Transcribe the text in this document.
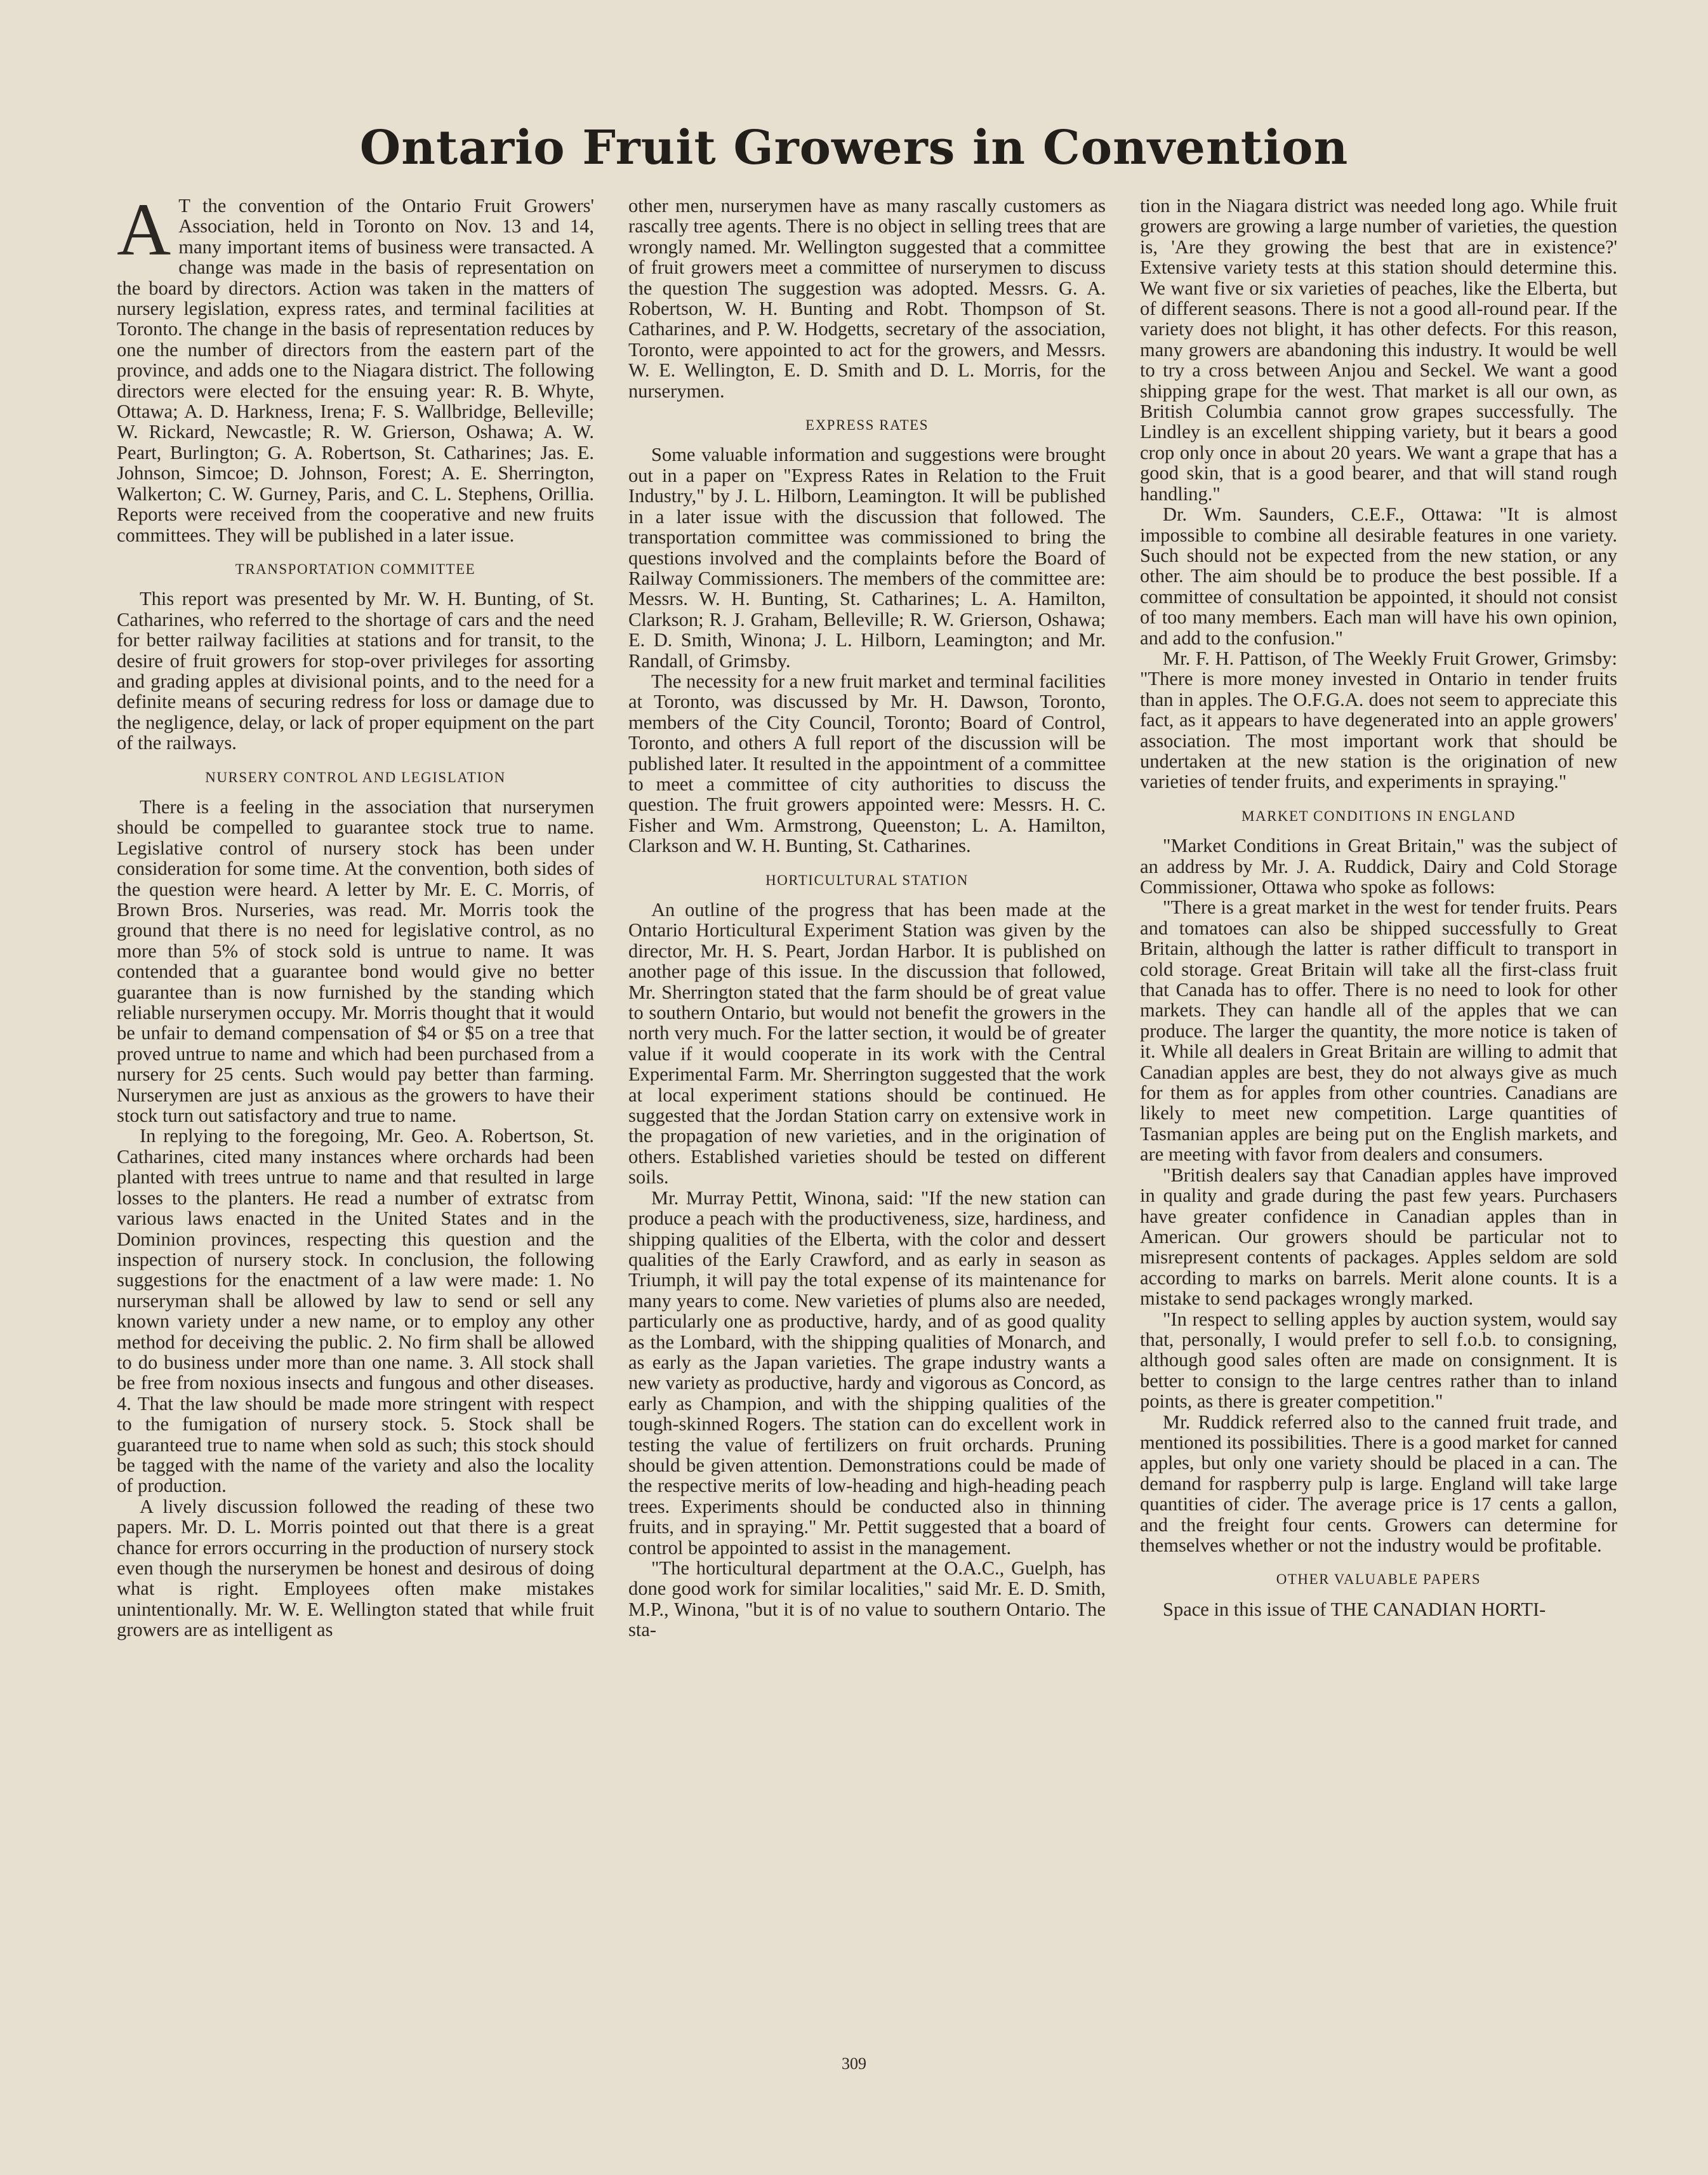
Ontario Fruit Growers in Convention

A T the convention of the Ontario Fruit Growers' Association, held in Toronto on Nov. 13 and 14, many important items of business were transacted. A change was made in the basis of representation on the board by directors. Action was taken in the matters of nursery legislation, express rates, and terminal facilities at Toronto. The change in the basis of representation reduces by one the number of directors from the eastern part of the province, and adds one to the Niagara district. The following directors were elected for the ensuing year: R. B. Whyte, Ottawa; A. D. Harkness, Irena; F. S. Wallbridge, Belleville; W. Rickard, Newcastle; R. W. Grierson, Oshawa; A. W. Peart, Burlington; G. A. Robertson, St. Catharines; Jas. E. Johnson, Simcoe; D. Johnson, Forest; A. E. Sherrington, Walkerton; C. W. Gurney, Paris, and C. L. Stephens, Orillia. Reports were received from the cooperative and new fruits committees. They will be published in a later issue.

TRANSPORTATION COMMITTEE

This report was presented by Mr. W. H. Bunting, of St. Catharines, who referred to the shortage of cars and the need for better railway facilities at stations and for transit, to the desire of fruit growers for stop-over privileges for assorting and grading apples at divisional points, and to the need for a definite means of securing redress for loss or damage due to the negligence, delay, or lack of proper equipment on the part of the railways.

NURSERY CONTROL AND LEGISLATION

There is a feeling in the association that nurserymen should be compelled to guarantee stock true to name. Legislative control of nursery stock has been under consideration for some time. At the convention, both sides of the question were heard. A letter by Mr. E. C. Morris, of Brown Bros. Nurseries, was read. Mr. Morris took the ground that there is no need for legislative control, as no more than 5% of stock sold is untrue to name. It was contended that a guarantee bond would give no better guarantee than is now furnished by the standing which reliable nurserymen occupy. Mr. Morris thought that it would be unfair to demand compensation of $4 or $5 on a tree that proved untrue to name and which had been purchased from a nursery for 25 cents. Such would pay better than farming. Nurserymen are just as anxious as the growers to have their stock turn out satisfactory and true to name.

In replying to the foregoing, Mr. Geo. A. Robertson, St. Catharines, cited many instances where orchards had been planted with trees untrue to name and that resulted in large losses to the planters. He read a number of extratsc from various laws enacted in the United States and in the Dominion provinces, respecting this question and the inspection of nursery stock. In conclusion, the following suggestions for the enactment of a law were made: 1. No nurseryman shall be allowed by law to send or sell any known variety under a new name, or to employ any other method for deceiving the public. 2. No firm shall be allowed to do business under more than one name. 3. All stock shall be free from noxious insects and fungous and other diseases. 4. That the law should be made more stringent with respect to the fumigation of nursery stock. 5. Stock shall be guaranteed true to name when sold as such; this stock should be tagged with the name of the variety and also the locality of production.

A lively discussion followed the reading of these two papers. Mr. D. L. Morris pointed out that there is a great chance for errors occurring in the production of nursery stock even though the nurserymen be honest and desirous of doing what is right. Employees often make mistakes unintentionally. Mr. W. E. Wellington stated that while fruit growers are as intelligent as

other men, nurserymen have as many rascally customers as rascally tree agents. There is no object in selling trees that are wrongly named. Mr. Wellington suggested that a committee of fruit growers meet a committee of nurserymen to discuss the question The suggestion was adopted. Messrs. G. A. Robertson, W. H. Bunting and Robt. Thompson of St. Catharines, and P. W. Hodgetts, secretary of the association, Toronto, were appointed to act for the growers, and Messrs. W. E. Wellington, E. D. Smith and D. L. Morris, for the nurserymen.

EXPRESS RATES

Some valuable information and suggestions were brought out in a paper on "Express Rates in Relation to the Fruit Industry," by J. L. Hilborn, Leamington. It will be published in a later issue with the discussion that followed. The transportation committee was commissioned to bring the questions involved and the complaints before the Board of Railway Commissioners. The members of the committee are: Messrs. W. H. Bunting, St. Catharines; L. A. Hamilton, Clarkson; R. J. Graham, Belleville; R. W. Grierson, Oshawa; E. D. Smith, Winona; J. L. Hilborn, Leamington; and Mr. Randall, of Grimsby.

The necessity for a new fruit market and terminal facilities at Toronto, was discussed by Mr. H. Dawson, Toronto, members of the City Council, Toronto; Board of Control, Toronto, and others A full report of the discussion will be published later. It resulted in the appointment of a committee to meet a committee of city authorities to discuss the question. The fruit growers appointed were: Messrs. H. C. Fisher and Wm. Armstrong, Queenston; L. A. Hamilton, Clarkson and W. H. Bunting, St. Catharines.

HORTICULTURAL STATION

An outline of the progress that has been made at the Ontario Horticultural Experiment Station was given by the director, Mr. H. S. Peart, Jordan Harbor. It is published on another page of this issue. In the discussion that followed, Mr. Sherrington stated that the farm should be of great value to southern Ontario, but would not benefit the growers in the north very much. For the latter section, it would be of greater value if it would cooperate in its work with the Central Experimental Farm. Mr. Sherrington suggested that the work at local experiment stations should be continued. He suggested that the Jordan Station carry on extensive work in the propagation of new varieties, and in the origination of others. Established varieties should be tested on different soils.

Mr. Murray Pettit, Winona, said: "If the new station can produce a peach with the productiveness, size, hardiness, and shipping qualities of the Elberta, with the color and dessert qualities of the Early Crawford, and as early in season as Triumph, it will pay the total expense of its maintenance for many years to come. New varieties of plums also are needed, particularly one as productive, hardy, and of as good quality as the Lombard, with the shipping qualities of Monarch, and as early as the Japan varieties. The grape industry wants a new variety as productive, hardy and vigorous as Concord, as early as Champion, and with the shipping qualities of the tough-skinned Rogers. The station can do excellent work in testing the value of fertilizers on fruit orchards. Pruning should be given attention. Demonstrations could be made of the respective merits of low-heading and high-heading peach trees. Experiments should be conducted also in thinning fruits, and in spraying." Mr. Pettit suggested that a board of control be appointed to assist in the management.

"The horticultural department at the O.A.C., Guelph, has done good work for similar localities," said Mr. E. D. Smith, M.P., Winona, "but it is of no value to southern Ontario. The sta-

tion in the Niagara district was needed long ago. While fruit growers are growing a large number of varieties, the question is, 'Are they growing the best that are in existence?' Extensive variety tests at this station should determine this. We want five or six varieties of peaches, like the Elberta, but of different seasons. There is not a good all-round pear. If the variety does not blight, it has other defects. For this reason, many growers are abandoning this industry. It would be well to try a cross between Anjou and Seckel. We want a good shipping grape for the west. That market is all our own, as British Columbia cannot grow grapes successfully. The Lindley is an excellent shipping variety, but it bears a good crop only once in about 20 years. We want a grape that has a good skin, that is a good bearer, and that will stand rough handling."

Dr. Wm. Saunders, C.E.F., Ottawa: "It is almost impossible to combine all desirable features in one variety. Such should not be expected from the new station, or any other. The aim should be to produce the best possible. If a committee of consultation be appointed, it should not consist of too many members. Each man will have his own opinion, and add to the confusion."

Mr. F. H. Pattison, of The Weekly Fruit Grower, Grimsby: "There is more money invested in Ontario in tender fruits than in apples. The O.F.G.A. does not seem to appreciate this fact, as it appears to have degenerated into an apple growers' association. The most important work that should be undertaken at the new station is the origination of new varieties of tender fruits, and experiments in spraying."

MARKET CONDITIONS IN ENGLAND

"Market Conditions in Great Britain," was the subject of an address by Mr. J. A. Ruddick, Dairy and Cold Storage Commissioner, Ottawa who spoke as follows:

"There is a great market in the west for tender fruits. Pears and tomatoes can also be shipped successfully to Great Britain, although the latter is rather difficult to transport in cold storage. Great Britain will take all the first-class fruit that Canada has to offer. There is no need to look for other markets. They can handle all of the apples that we can produce. The larger the quantity, the more notice is taken of it. While all dealers in Great Britain are willing to admit that Canadian apples are best, they do not always give as much for them as for apples from other countries. Canadians are likely to meet new competition. Large quantities of Tasmanian apples are being put on the English markets, and are meeting with favor from dealers and consumers.

"British dealers say that Canadian apples have improved in quality and grade during the past few years. Purchasers have greater confidence in Canadian apples than in American. Our growers should be particular not to misrepresent contents of packages. Apples seldom are sold according to marks on barrels. Merit alone counts. It is a mistake to send packages wrongly marked.

"In respect to selling apples by auction system, would say that, personally, I would prefer to sell f.o.b. to consigning, although good sales often are made on consignment. It is better to consign to the large centres rather than to inland points, as there is greater competition."

Mr. Ruddick referred also to the canned fruit trade, and mentioned its possibilities. There is a good market for canned apples, but only one variety should be placed in a can. The demand for raspberry pulp is large. England will take large quantities of cider. The average price is 17 cents a gallon, and the freight four cents. Growers can determine for themselves whether or not the industry would be profitable.

OTHER VALUABLE PAPERS

Space in this issue of THE CANADIAN HORTI-

309
